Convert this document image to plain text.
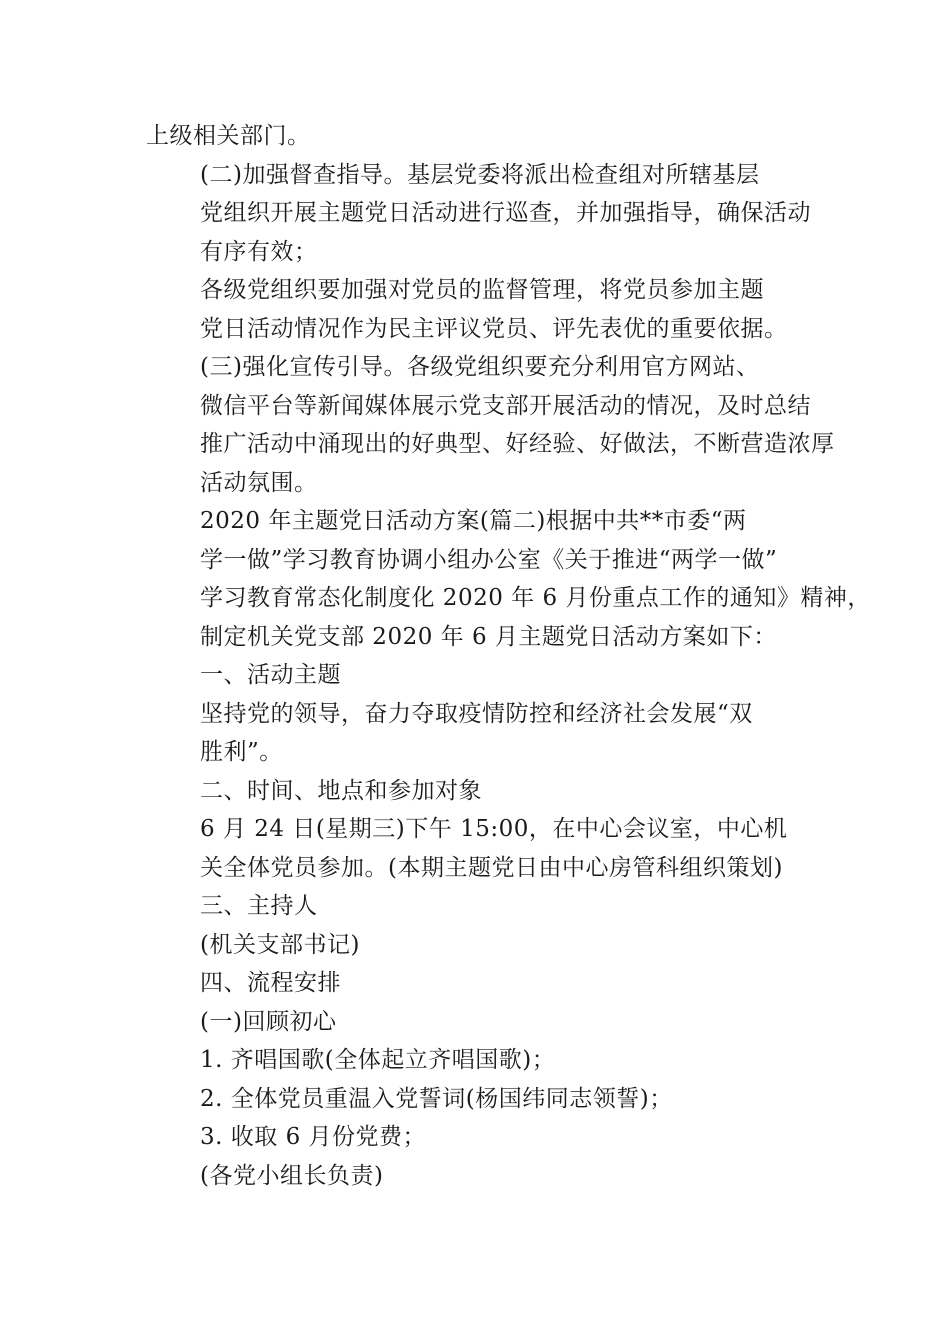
上级相关部门。

(二)加强督查指导。基层党委将派出检查组对所辖基层
党组织开展主题党日活动进行巡查，并加强指导，确保活动
有序有效；

各级党组织要加强对党员的监督管理，将党员参加主题
党日活动情况作为民主评议党员、评先表优的重要依据。

(三)强化宣传引导。各级党组织要充分利用官方网站、
微信平台等新闻媒体展示党支部开展活动的情况，及时总结
推广活动中涌现出的好典型、好经验、好做法，不断营造浓厚
活动氛围。

2020 年主题党日活动方案(篇二)根据中共**市委“两
学一做”学习教育协调小组办公室《关于推进“两学一做”
学习教育常态化制度化 2020 年 6 月份重点工作的通知》精神，
制定机关党支部 2020 年 6 月主题党日活动方案如下：

一、活动主题

坚持党的领导，奋力夺取疫情防控和经济社会发展“双
胜利”。

二、时间、地点和参加对象

6 月 24 日(星期三)下午 15:00，在中心会议室，中心机
关全体党员参加。(本期主题党日由中心房管科组织策划)

三、主持人

(机关支部书记)

四、流程安排

(一)回顾初心

1. 齐唱国歌(全体起立齐唱国歌)；

2. 全体党员重温入党誓词(杨国纬同志领誓)；

3. 收取 6 月份党费；

(各党小组长负责)
